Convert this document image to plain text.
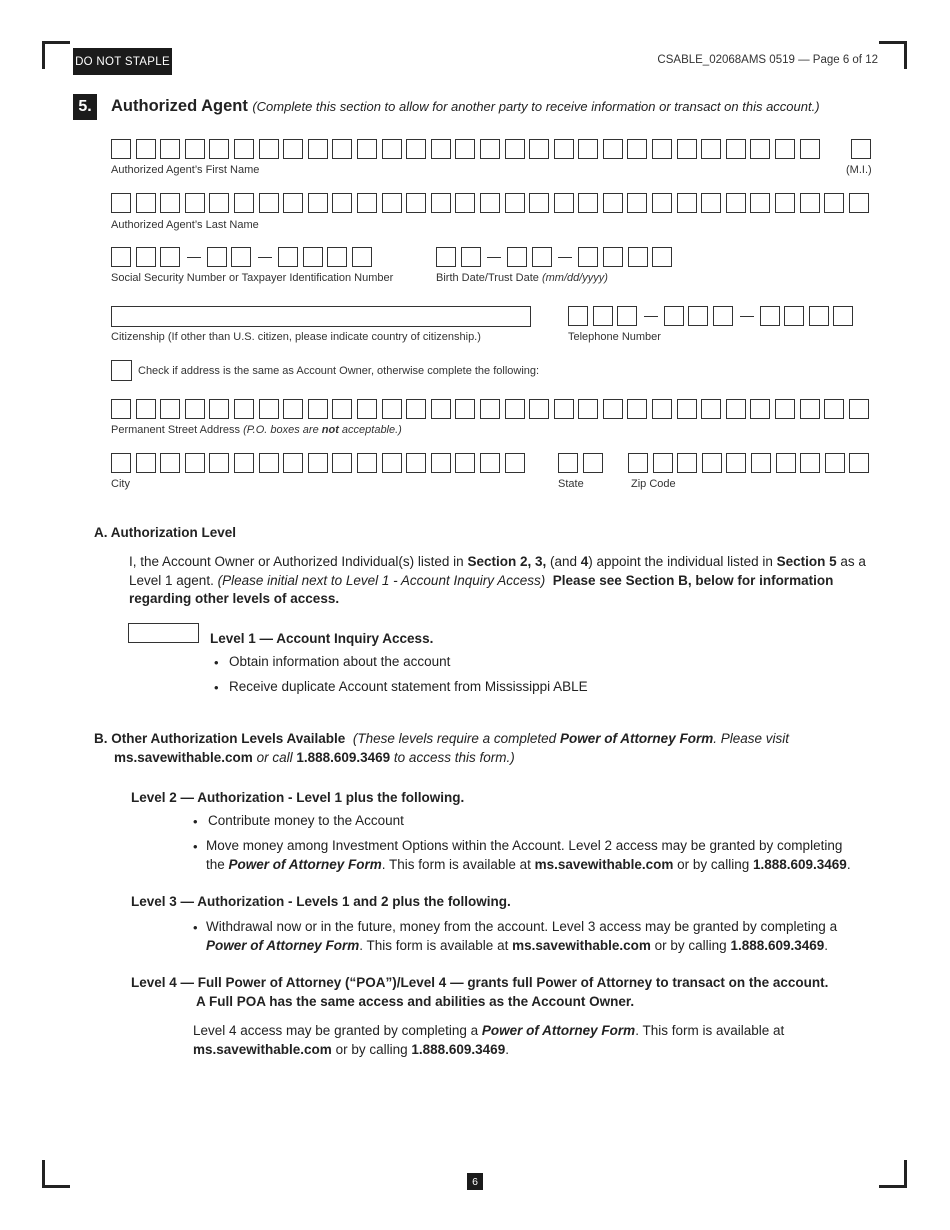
DO NOT STAPLE	CSABLE_02068AMS 0519 — Page 6 of 12
5.	Authorized Agent (Complete this section to allow for another party to receive information or transact on this account.)
Authorized Agent’s First Name	(M.I.)
Authorized Agent’s Last Name
Social Security Number or Taxpayer Identification Number	Birth Date/Trust Date (mm/dd/yyyy)
Citizenship (If other than U.S. citizen, please indicate country of citizenship.)	Telephone Number
Check if address is the same as Account Owner, otherwise complete the following:
Permanent Street Address (P.O. boxes are not acceptable.)
City	State	Zip Code
A. Authorization Level
I, the Account Owner or Authorized Individual(s) listed in Section 2, 3, (and 4) appoint the individual listed in Section 5 as a Level 1 agent. (Please initial next to Level 1 - Account Inquiry Access) Please see Section B, below for information regarding other levels of access.
Level 1 — Account Inquiry Access.
• Obtain information about the account
• Receive duplicate Account statement from Mississippi ABLE
B. Other Authorization Levels Available (These levels require a completed Power of Attorney Form. Please visit
ms.savewithable.com or call 1.888.609.3469 to access this form.)
Level 2 — Authorization - Level 1 plus the following.
• Contribute money to the Account
• Move money among Investment Options within the Account. Level 2 access may be granted by completing the Power of Attorney Form. This form is available at ms.savewithable.com or by calling 1.888.609.3469.
Level 3 — Authorization - Levels 1 and 2 plus the following.
• Withdrawal now or in the future, money from the account. Level 3 access may be granted by completing a Power of Attorney Form. This form is available at ms.savewithable.com or by calling 1.888.609.3469.
Level 4 — Full Power of Attorney (“POA”)/Level 4 — grants full Power of Attorney to transact on the account.
A Full POA has the same access and abilities as the Account Owner.
Level 4 access may be granted by completing a Power of Attorney Form. This form is available at ms.savewithable.com or by calling 1.888.609.3469.
6
